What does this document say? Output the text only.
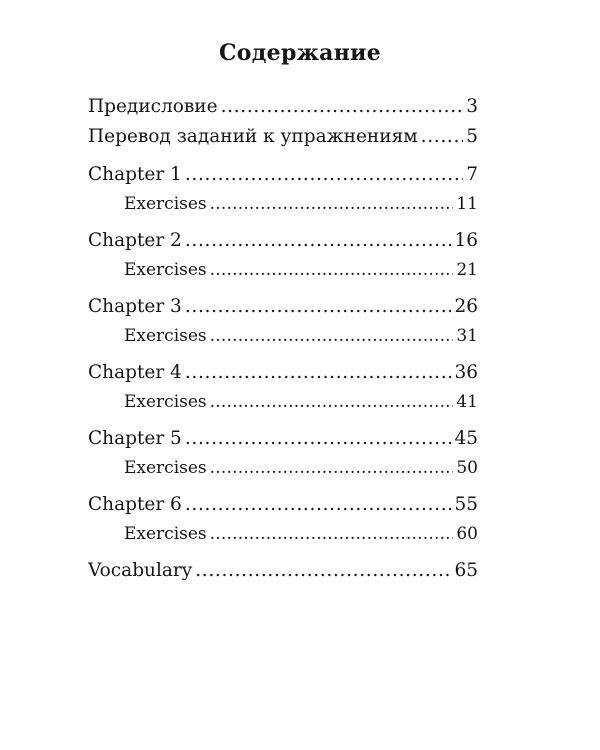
Содержание
Предисловие . . .	3
Перевод заданий к упражнениям . . .	5
Chapter 1 . . .	7
Exercises . . .	11
Chapter 2 . . .	16
Exercises . . .	21
Chapter 3 . . .	26
Exercises . . .	31
Chapter 4 . . .	36
Exercises . . .	41
Chapter 5 . . .	45
Exercises . . .	50
Chapter 6 . . .	55
Exercises . . .	60
Vocabulary . . .	65
